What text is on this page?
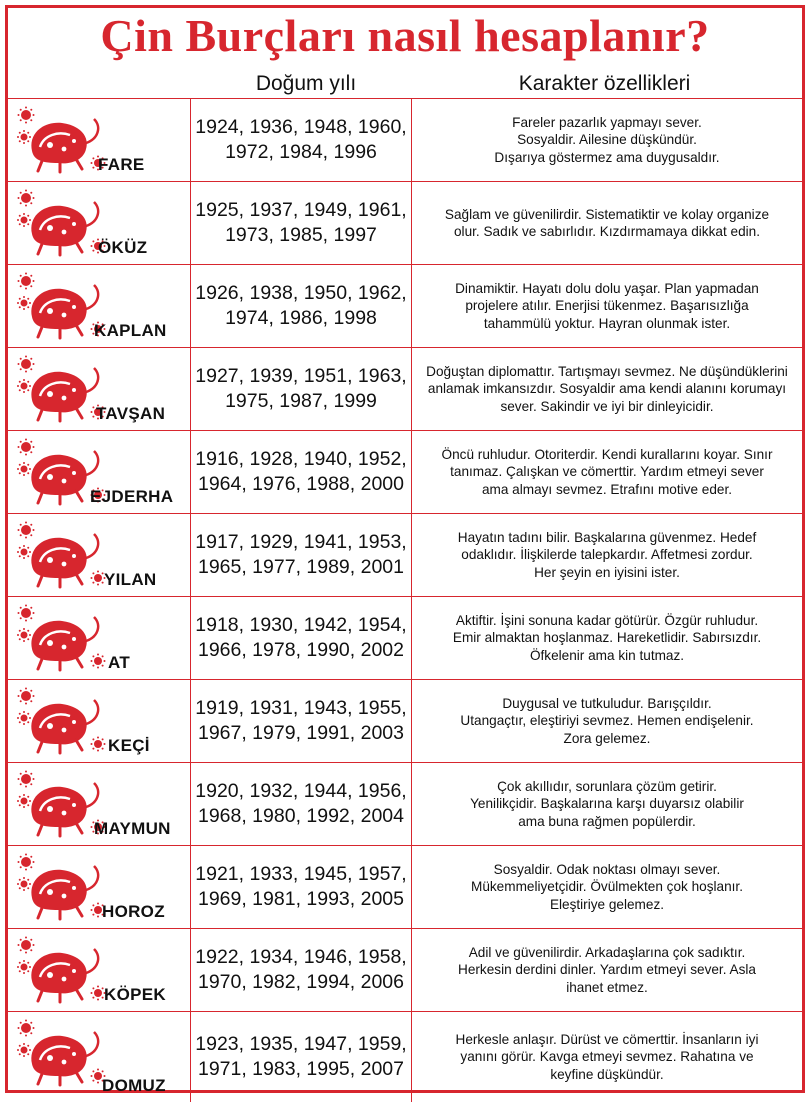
Çin Burçları nasıl hesaplanır?
Doğum yılı	Karakter özellikleri
FARE
1924, 1936, 1948, 1960,
1972, 1984, 1996
Fareler pazarlık yapmayı sever.
Sosyaldir. Ailesine düşkündür.
Dışarıya göstermez ama duygusaldır.
ÖKÜZ
1925, 1937, 1949, 1961,
1973, 1985, 1997
Sağlam ve güvenilirdir. Sistematiktir ve kolay organize
olur. Sadık ve sabırlıdır. Kızdırmamaya dikkat edin.
KAPLAN
1926, 1938, 1950, 1962,
1974, 1986, 1998
Dinamiktir. Hayatı dolu dolu yaşar. Plan yapmadan
projelere atılır. Enerjisi tükenmez. Başarısızlığa
tahammülü yoktur. Hayran olunmak ister.
TAVŞAN
1927, 1939, 1951, 1963,
1975, 1987, 1999
Doğuştan diplomattır. Tartışmayı sevmez. Ne düşündüklerini
anlamak imkansızdır. Sosyaldir ama kendi alanını korumayı
sever. Sakindir ve iyi bir dinleyicidir.
EJDERHA
1916, 1928, 1940, 1952,
1964, 1976, 1988, 2000
Öncü ruhludur. Otoriterdir. Kendi kurallarını koyar. Sınır
tanımaz. Çalışkan ve cömerttir. Yardım etmeyi sever
ama almayı sevmez. Etrafını motive eder.
YILAN
1917, 1929, 1941, 1953,
1965, 1977, 1989, 2001
Hayatın tadını bilir. Başkalarına güvenmez. Hedef
odaklıdır. İlişkilerde talepkardır. Affetmesi zordur.
Her şeyin en iyisini ister.
AT
1918, 1930, 1942, 1954,
1966, 1978, 1990, 2002
Aktiftir. İşini sonuna kadar götürür. Özgür ruhludur.
Emir almaktan hoşlanmaz. Hareketlidir. Sabırsızdır.
Öfkelenir ama kin tutmaz.
KEÇİ
1919, 1931, 1943, 1955,
1967, 1979, 1991, 2003
Duygusal ve tutkuludur. Barışçıldır.
Utangaçtır, eleştiriyi sevmez. Hemen endişelenir.
Zora gelemez.
MAYMUN
1920, 1932, 1944, 1956,
1968, 1980, 1992, 2004
Çok akıllıdır, sorunlara çözüm getirir.
Yenilikçidir. Başkalarına karşı duyarsız olabilir
ama buna rağmen popülerdir.
HOROZ
1921, 1933, 1945, 1957,
1969, 1981, 1993, 2005
Sosyaldir. Odak noktası olmayı sever.
Mükemmeliyetçidir. Övülmekten çok hoşlanır.
Eleştiriye gelemez.
KÖPEK
1922, 1934, 1946, 1958,
1970, 1982, 1994, 2006
Adil ve güvenilirdir. Arkadaşlarına çok sadıktır.
Herkesin derdini dinler. Yardım etmeyi sever. Asla
ihanet etmez.
DOMUZ
1923, 1935, 1947, 1959,
1971, 1983, 1995, 2007
Herkesle anlaşır. Dürüst ve cömerttir. İnsanların iyi
yanını görür. Kavga etmeyi sevmez. Rahatına ve
keyfine düşkündür.
